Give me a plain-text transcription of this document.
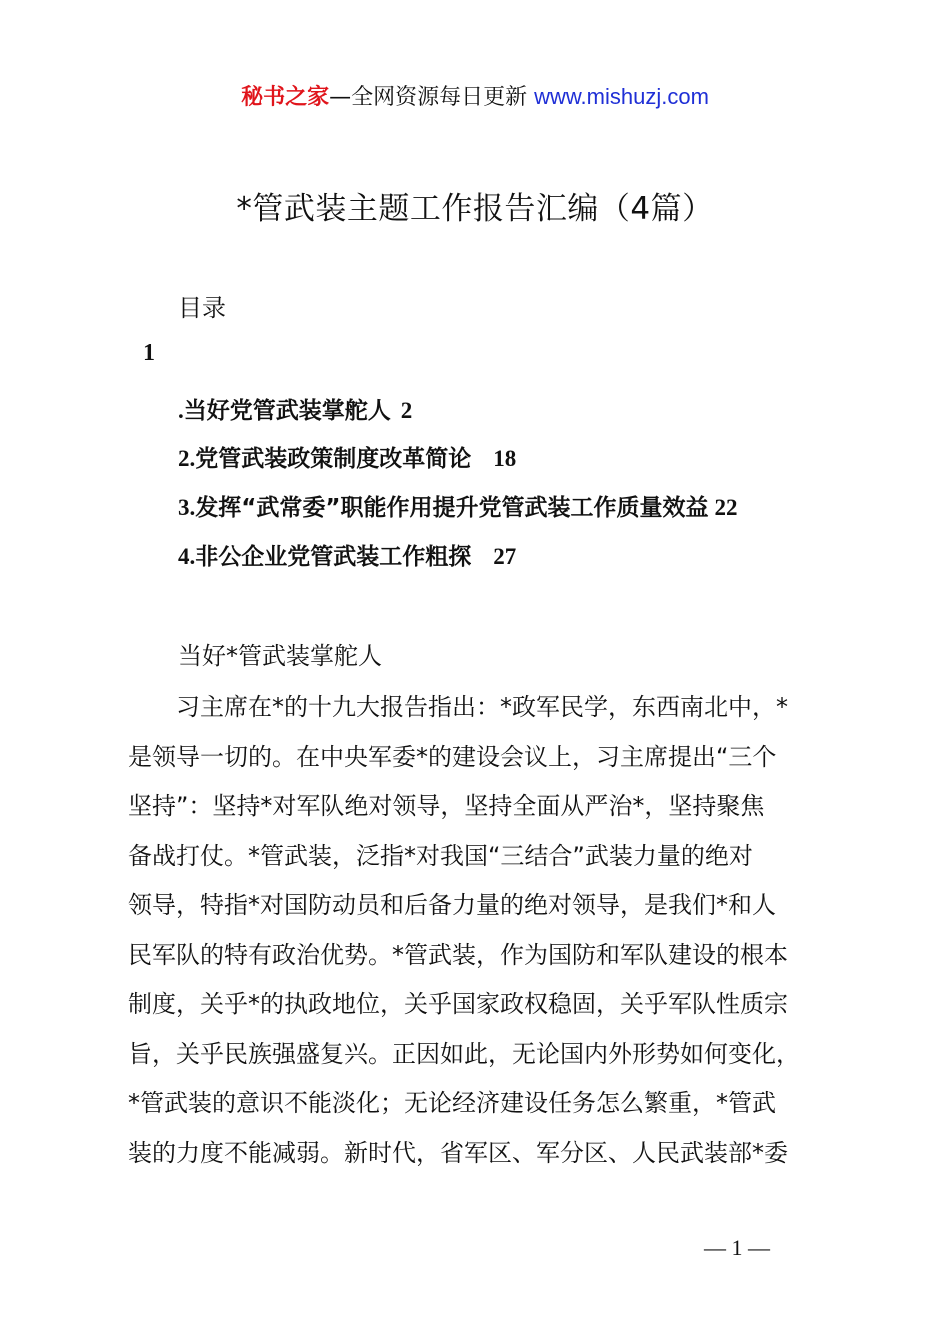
秘书之家—全网资源每日更新 www.mishuzj.com
*管武装主题工作报告汇编（4篇）
目录
1
.当好党管武装掌舵人 2
2.党管武装政策制度改革简论 18
3.发挥“武常委”职能作用提升党管武装工作质量效益 22
4.非公企业党管武装工作粗探 27
当好*管武装掌舵人
　　习主席在*的十九大报告指出：*政军民学，东西南北中，*
是领导一切的。在中央军委*的建设会议上，习主席提出“三个
坚持”：坚持*对军队绝对领导，坚持全面从严治*，坚持聚焦
备战打仗。*管武装，泛指*对我国“三结合”武装力量的绝对
领导，特指*对国防动员和后备力量的绝对领导，是我们*和人
民军队的特有政治优势。*管武装，作为国防和军队建设的根本
制度，关乎*的执政地位，关乎国家政权稳固，关乎军队性质宗
旨，关乎民族强盛复兴。正因如此，无论国内外形势如何变化，
*管武装的意识不能淡化；无论经济建设任务怎么繁重，*管武
装的力度不能减弱。新时代，省军区、军分区、人民武装部*委
— 1 —
